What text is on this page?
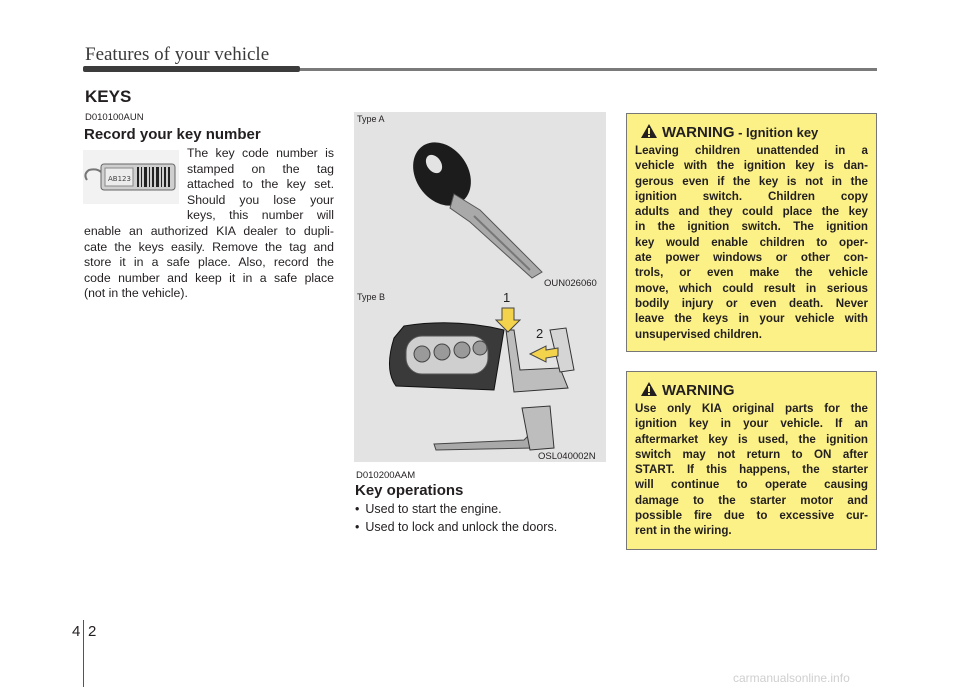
Features of your vehicle
KEYS
D010100AUN
Record your key number
AB123
The key code number is
stamped on the tag
attached to the key set.
Should you lose your
keys, this number will
enable an authorized KIA dealer to dupli-
cate the keys easily. Remove the tag and
store it in a safe place. Also, record the
code number and keep it in a safe place
(not in the vehicle).
Type A
OUN026060
Type B	1
2
OSL040002N
D010200AAM
Key operations
• Used to start the engine.
• Used to lock and unlock the doors.
WARNING - Ignition key
Leaving children unattended in a
vehicle with the ignition key is dan-
gerous even if the key is not in the
ignition switch. Children copy
adults and they could place the key
in the ignition switch. The ignition
key would enable children to oper-
ate power windows or other con-
trols, or even make the vehicle
move, which could result in serious
bodily injury or even death. Never
leave the keys in your vehicle with
unsupervised children.
WARNING
Use only KIA original parts for the
ignition key in your vehicle. If an
aftermarket key is used, the ignition
switch may not return to ON after
START. If this happens, the starter
will continue to operate causing
damage to the starter motor and
possible fire due to excessive cur-
rent in the wiring.
4 2
carmanualsonline.info
